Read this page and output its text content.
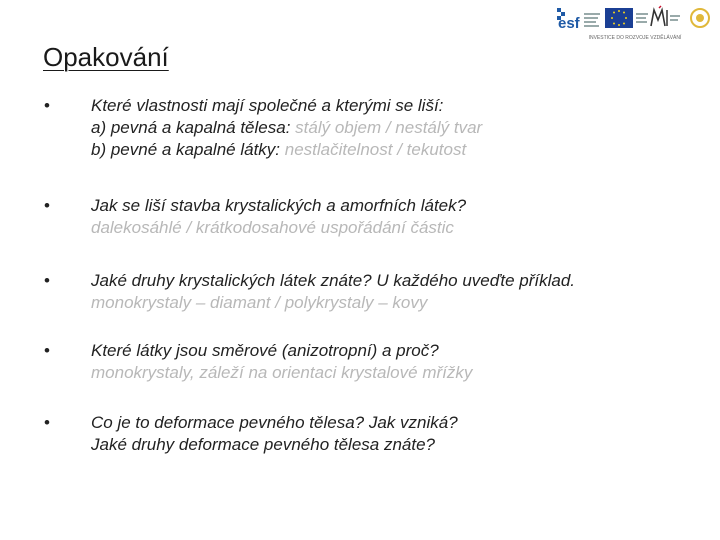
esf
INVESTICE DO ROZVOJE VZDĚLÁVÁNÍ
Opakování
• Které vlastnosti mají společné a kterými se liší:
a) pevná a kapalná tělesa: stálý objem / nestálý tvar
b) pevné a kapalné látky: nestlačitelnost / tekutost
• Jak se liší stavba krystalických a amorfních látek?
dalekosáhlé / krátkodosahové uspořádání částic
• Jaké druhy krystalických látek znáte? U každého uveďte příklad.
monokrystaly – diamant / polykrystaly – kovy
• Které látky jsou směrové (anizotropní) a proč?
monokrystaly, záleží na orientaci krystalové mřížky
• Co je to deformace pevného tělesa? Jak vzniká?
Jaké druhy deformace pevného tělesa znáte?
